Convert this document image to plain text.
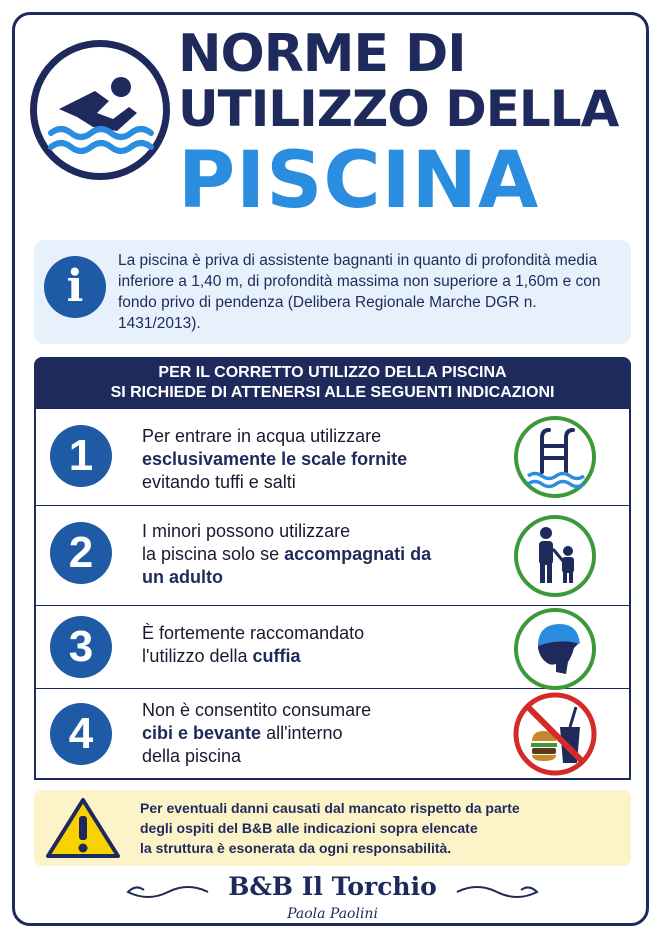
NORME DI
UTILIZZO DELLA
PISCINA
i
La piscina è priva di assistente bagnanti in quanto di profondità media inferiore a 1,40 m, di profondità massima non superiore a 1,60m e con fondo privo di pendenza (Delibera Regionale Marche DGR n. 1431/2013).
PER IL CORRETTO UTILIZZO DELLA PISCINA
SI RICHIEDE DI ATTENERSI ALLE SEGUENTI INDICAZIONI
1	Per entrare in acqua utilizzare
esclusivamente le scale fornite
evitando tuffi e salti
2	I minori possono utilizzare
la piscina solo se accompagnati da un adulto
3	È fortemente raccomandato
l'utilizzo della cuffia
4	Non è consentito consumare
cibi e bevante all'interno
della piscina
Per eventuali danni causati dal mancato rispetto da parte
degli ospiti del B&B alle indicazioni sopra elencate
la struttura è esonerata da ogni responsabilità.
B&B Il Torchio
Paola Paolini
